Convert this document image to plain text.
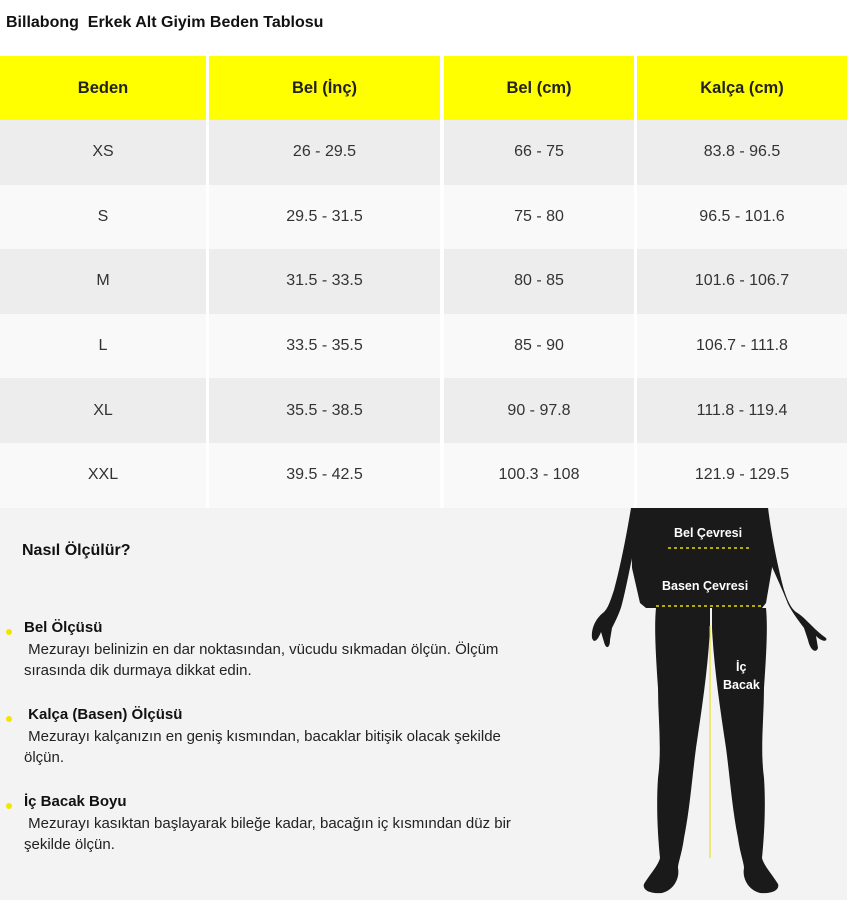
Billabong  Erkek Alt Giyim Beden Tablosu
Beden	Bel (İnç)	Bel (cm)	Kalça (cm)
XS	26 - 29.5	66 - 75	83.8 - 96.5
S	29.5 - 31.5	75 - 80	96.5 - 101.6
M	31.5 - 33.5	80 - 85	101.6 - 106.7
L	33.5 - 35.5	85 - 90	106.7 - 111.8
XL	35.5 - 38.5	90 - 97.8	111.8 - 119.4
XXL	39.5 - 42.5	100.3 - 108	121.9 - 129.5
Nasıl Ölçülür?
Bel Ölçüsü
Mezurayı belinizin en dar noktasından, vücudu sıkmadan ölçün. Ölçüm sırasında dik durmaya dikkat edin.
Kalça (Basen) Ölçüsü
Mezurayı kalçanızın en geniş kısmından, bacaklar bitişik olacak şekilde ölçün.
İç Bacak Boyu
Mezurayı kasıktan başlayarak bileğe kadar, bacağın iç kısmından düz bir şekilde ölçün.
Bel Çevresi
Basen Çevresi
İç
Bacak
